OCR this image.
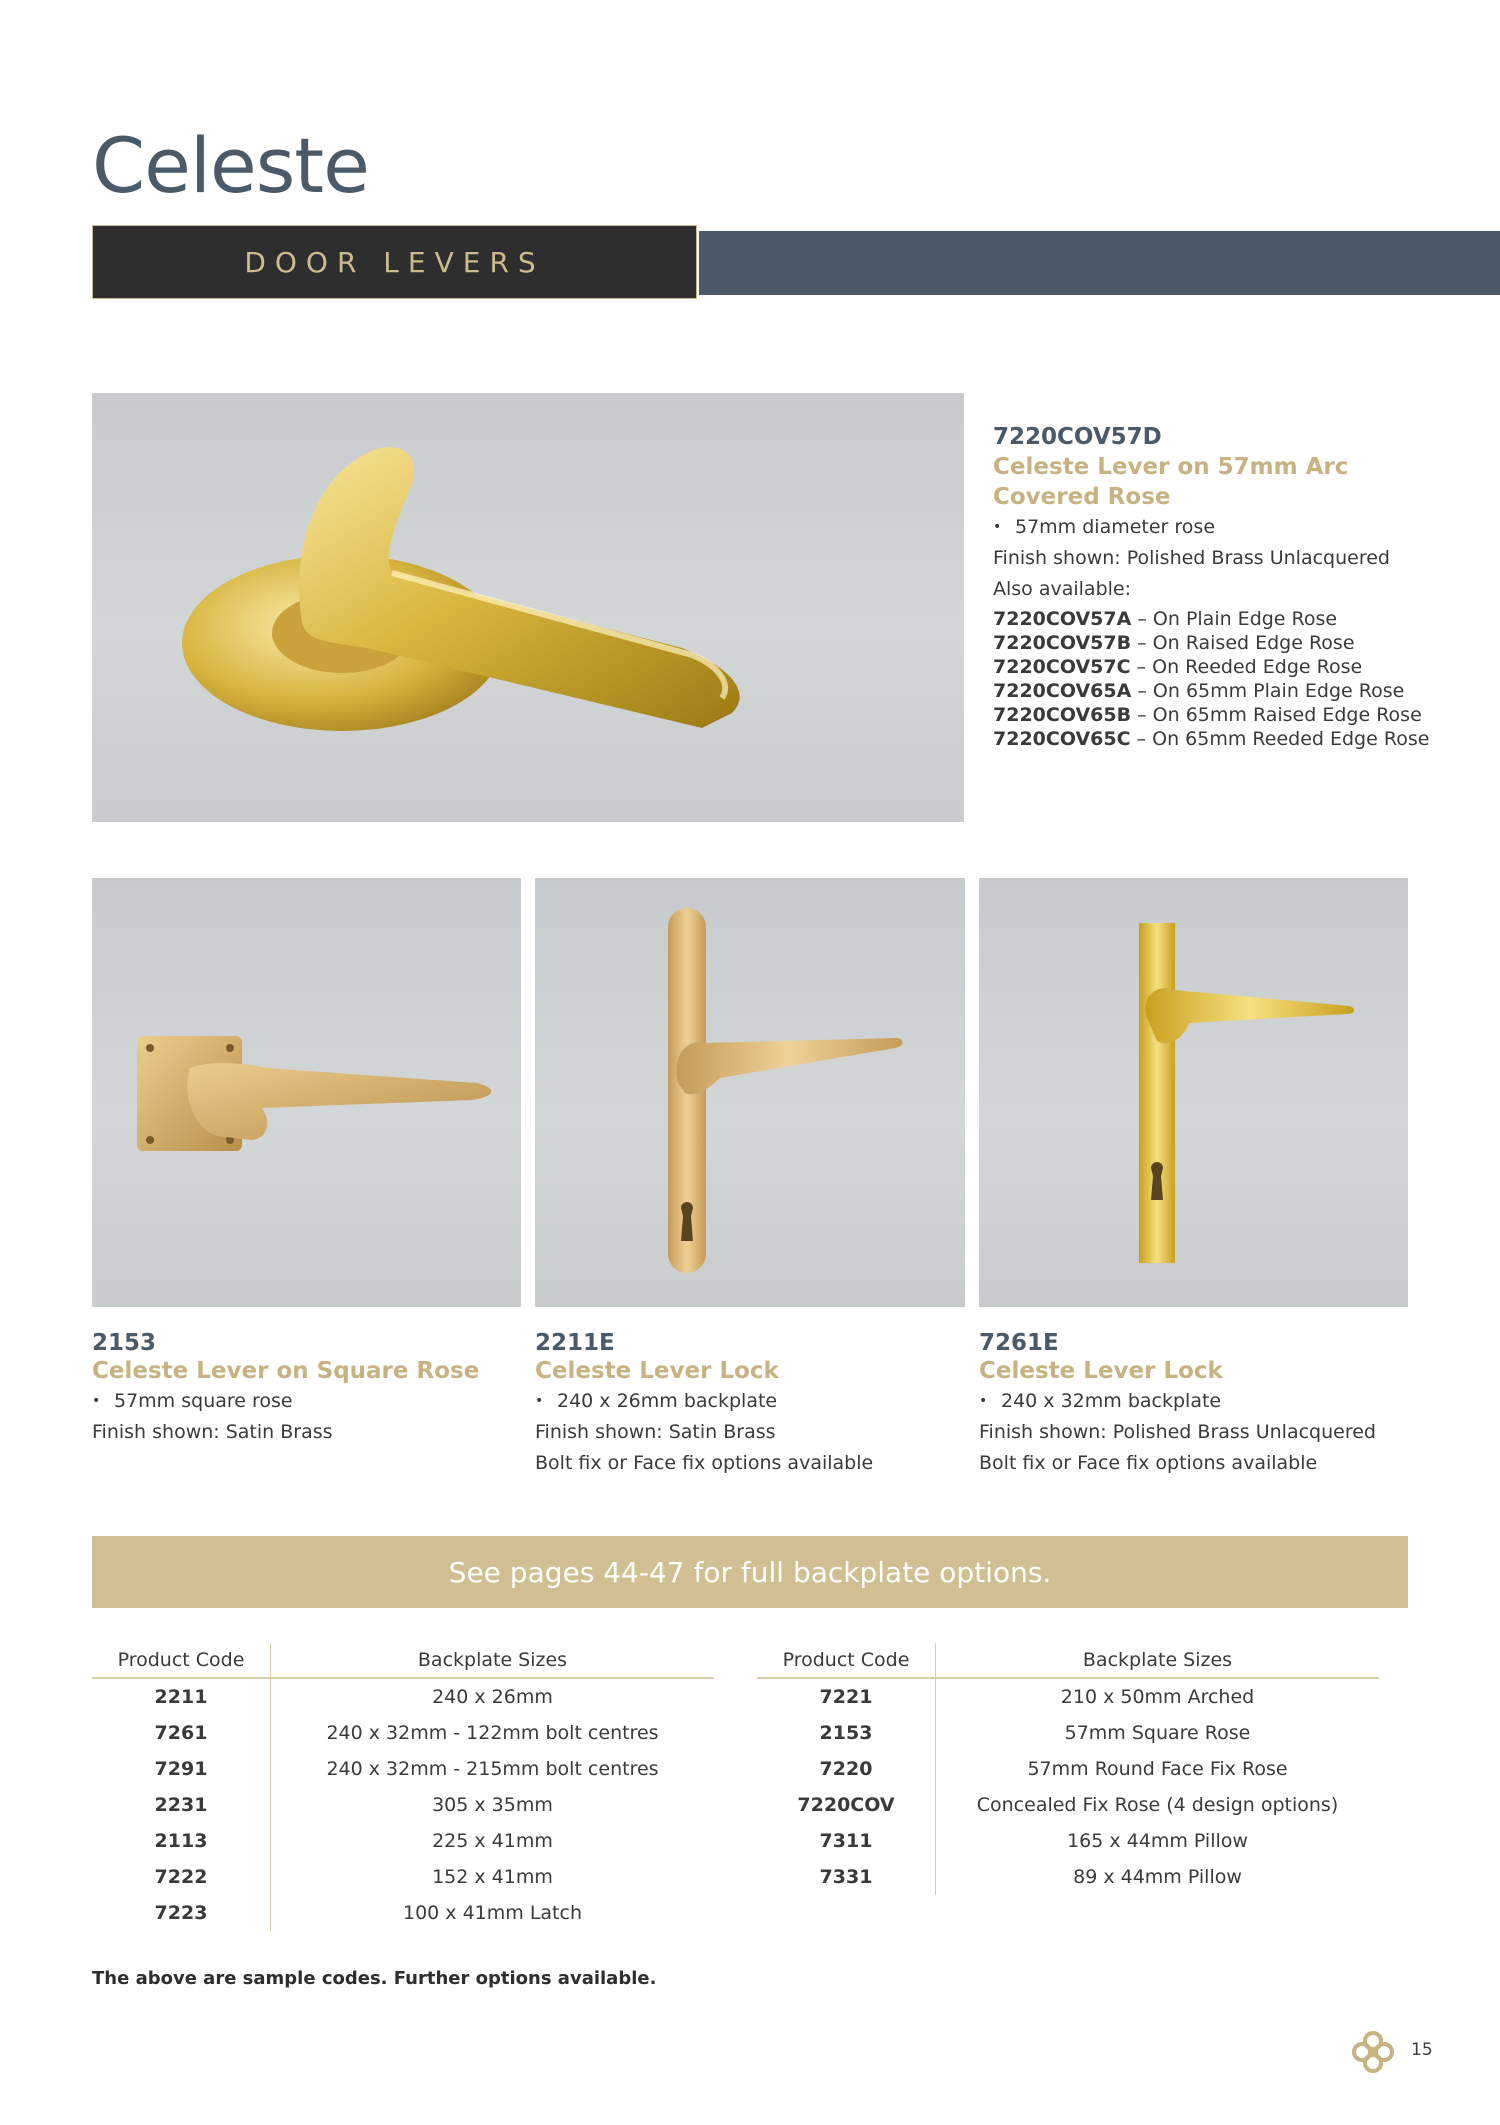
Celeste
DOOR LEVERS
7220COV57D
Celeste Lever on 57mm Arc
Covered Rose
• 57mm diameter rose
Finish shown: Polished Brass Unlacquered
Also available:
7220COV57A – On Plain Edge Rose
7220COV57B – On Raised Edge Rose
7220COV57C – On Reeded Edge Rose
7220COV65A – On 65mm Plain Edge Rose
7220COV65B – On 65mm Raised Edge Rose
7220COV65C – On 65mm Reeded Edge Rose
2153
Celeste Lever on Square Rose
• 57mm square rose
Finish shown: Satin Brass
2211E
Celeste Lever Lock
• 240 x 26mm backplate
Finish shown: Satin Brass
Bolt fix or Face fix options available
7261E
Celeste Lever Lock
• 240 x 32mm backplate
Finish shown: Polished Brass Unlacquered
Bolt fix or Face fix options available
See pages 44-47 for full backplate options.
Product Code	Backplate Sizes
2211	240 x 26mm
7261	240 x 32mm - 122mm bolt centres
7291	240 x 32mm - 215mm bolt centres
2231	305 x 35mm
2113	225 x 41mm
7222	152 x 41mm
7223	100 x 41mm Latch
Product Code	Backplate Sizes
7221	210 x 50mm Arched
2153	57mm Square Rose
7220	57mm Round Face Fix Rose
7220COV	Concealed Fix Rose (4 design options)
7311	165 x 44mm Pillow
7331	89 x 44mm Pillow
The above are sample codes. Further options available.
15
